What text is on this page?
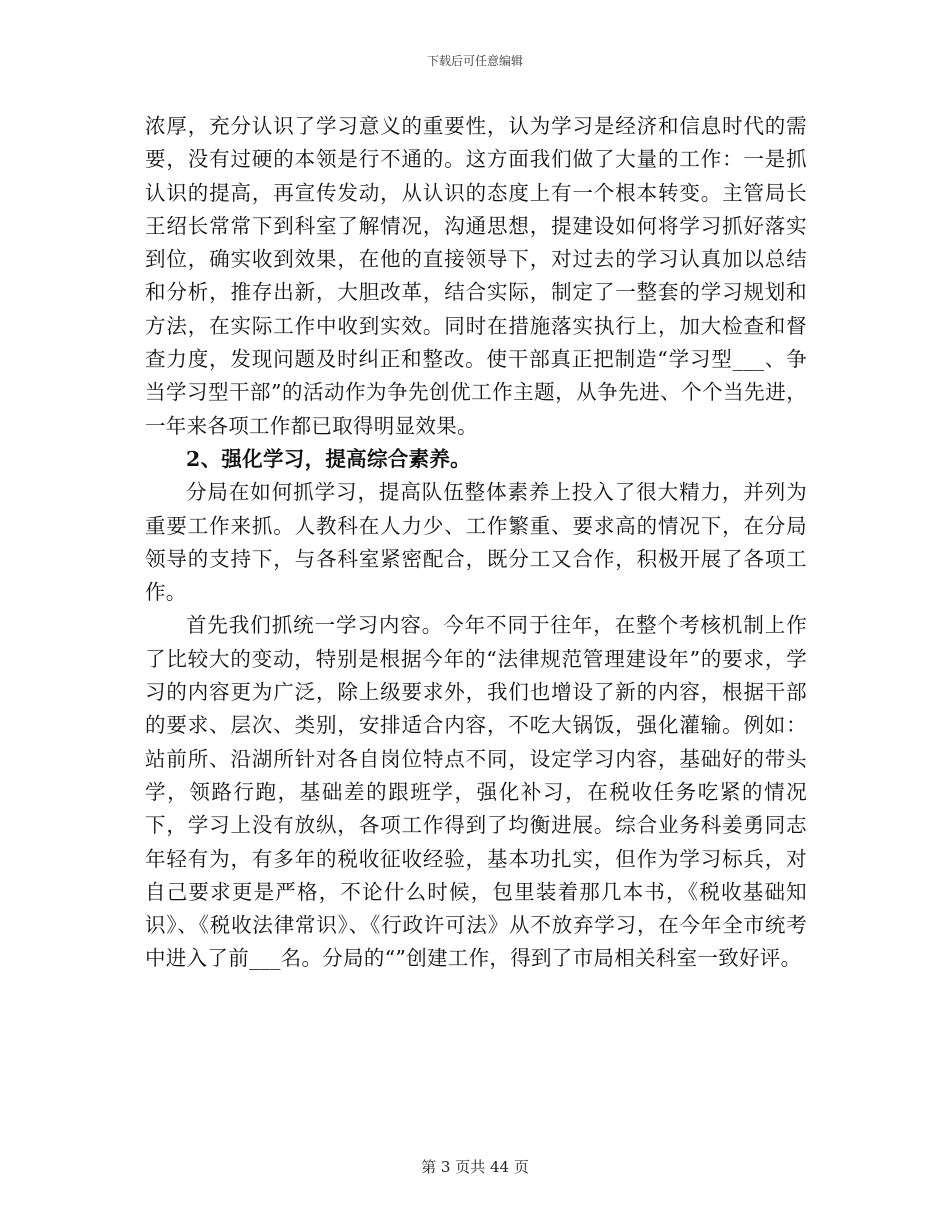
下载后可任意编辑

浓厚，充分认识了学习意义的重要性，认为学习是经济和信息时代的需要，没有过硬的本领是行不通的。这方面我们做了大量的工作：一是抓认识的提高，再宣传发动，从认识的态度上有一个根本转变。主管局长王绍长常常下到科室了解情况，沟通思想，提建设如何将学习抓好落实到位，确实收到效果，在他的直接领导下，对过去的学习认真加以总结和分析，推存出新，大胆改革，结合实际，制定了一整套的学习规划和方法，在实际工作中收到实效。同时在措施落实执行上，加大检查和督查力度，发现问题及时纠正和整改。使干部真正把制造“学习型___、争当学习型干部”的活动作为争先创优工作主题，从争先进、个个当先进，一年来各项工作都已取得明显效果。

2、强化学习，提高综合素养。

分局在如何抓学习，提高队伍整体素养上投入了很大精力，并列为重要工作来抓。人教科在人力少、工作繁重、要求高的情况下，在分局领导的支持下，与各科室紧密配合，既分工又合作，积极开展了各项工作。

首先我们抓统一学习内容。今年不同于往年，在整个考核机制上作了比较大的变动，特别是根据今年的“法律规范管理建设年”的要求，学习的内容更为广泛，除上级要求外，我们也增设了新的内容，根据干部的要求、层次、类别，安排适合内容，不吃大锅饭，强化灌输。例如：站前所、沿湖所针对各自岗位特点不同，设定学习内容，基础好的带头学，领路行跑，基础差的跟班学，强化补习，在税收任务吃紧的情况下，学习上没有放纵，各项工作得到了均衡进展。综合业务科姜勇同志年轻有为，有多年的税收征收经验，基本功扎实，但作为学习标兵，对自己要求更是严格，不论什么时候，包里装着那几本书，《税收基础知识》、《税收法律常识》、《行政许可法》从不放弃学习，在今年全市统考中进入了前___名。分局的“”创建工作，得到了市局相关科室一致好评。

第 3 页共 44 页
